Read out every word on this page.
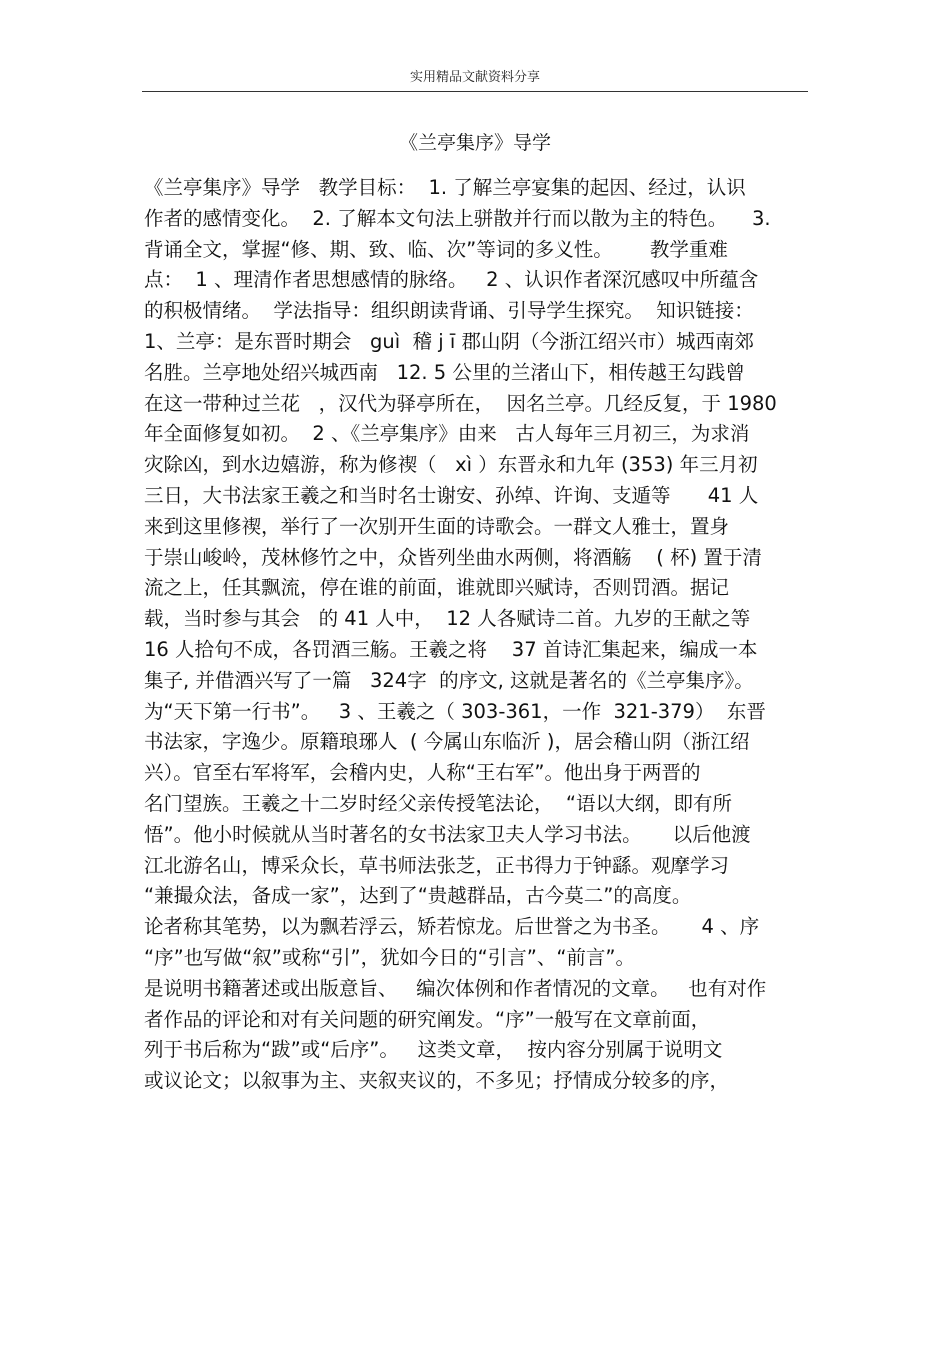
实用精品文献资料分享
《兰亭集序》导学
《兰亭集序》导学   教学目标：  1. 了解兰亭宴集的起因、经过，认识
作者的感情变化。  2. 了解本文句法上骈散并行而以散为主的特色。    3.
背诵全文，掌握“修、期、致、临、次”等词的多义性。      教学重难
点：  1 、理清作者思想感情的脉络。   2 、认识作者深沉感叹中所蕴含
的积极情绪。  学法指导：组织朗读背诵、引导学生探究。  知识链接：
1、兰亭：是东晋时期会   guì  稽 j ī 郡山阴（今浙江绍兴市）城西南郊
名胜。兰亭地处绍兴城西南   12. 5 公里的兰渚山下，相传越王勾践曾
在这一带种过兰花   ，汉代为驿亭所在，  因名兰亭。几经反复，于 1980
年全面修复如初。  2 、《兰亭集序》由来   古人每年三月初三，为求消
灾除凶，到水边嬉游，称为修禊（   xì ）东晋永和九年 (353) 年三月初
三日，大书法家王羲之和当时名士谢安、孙绰、许询、支遁等      41 人
来到这里修禊，举行了一次别开生面的诗歌会。一群文人雅士，置身
于崇山峻岭，茂林修竹之中，众皆列坐曲水两侧，将酒觞    ( 杯) 置于清
流之上，任其飘流，停在谁的前面，谁就即兴赋诗，否则罚酒。据记
载，当时参与其会   的 41 人中，  12 人各赋诗二首。九岁的王献之等
16 人拾句不成，各罚酒三觞。王羲之将    37 首诗汇集起来，编成一本
集子, 并借酒兴写了一篇   324字  的序文, 这就是著名的《兰亭集序》。
为“天下第一行书”。   3 、王羲之（ 303-361，一作  321-379）  东晋
书法家，字逸少。原籍琅琊人  ( 今属山东临沂 )，居会稽山阴（浙江绍
兴）。官至右军将军，会稽内史，人称“王右军”。他出身于两晋的
名门望族。王羲之十二岁时经父亲传授笔法论，  “语以大纲，即有所
悟”。他小时候就从当时著名的女书法家卫夫人学习书法。     以后他渡
江北游名山，博采众长，草书师法张芝，正书得力于钟繇。观摩学习
“兼撮众法，备成一家”，达到了“贵越群品，古今莫二”的高度。
论者称其笔势，以为飘若浮云，矫若惊龙。后世誉之为书圣。     4 、序
“序”也写做“叙”或称“引”，犹如今日的“引言”、“前言”。
是说明书籍著述或出版意旨、   编次体例和作者情况的文章。   也有对作
者作品的评论和对有关问题的研究阐发。“序”一般写在文章前面，
列于书后称为“跋”或“后序”。   这类文章，  按内容分别属于说明文
或议论文；以叙事为主、夹叙夹议的，不多见；抒情成分较多的序，
